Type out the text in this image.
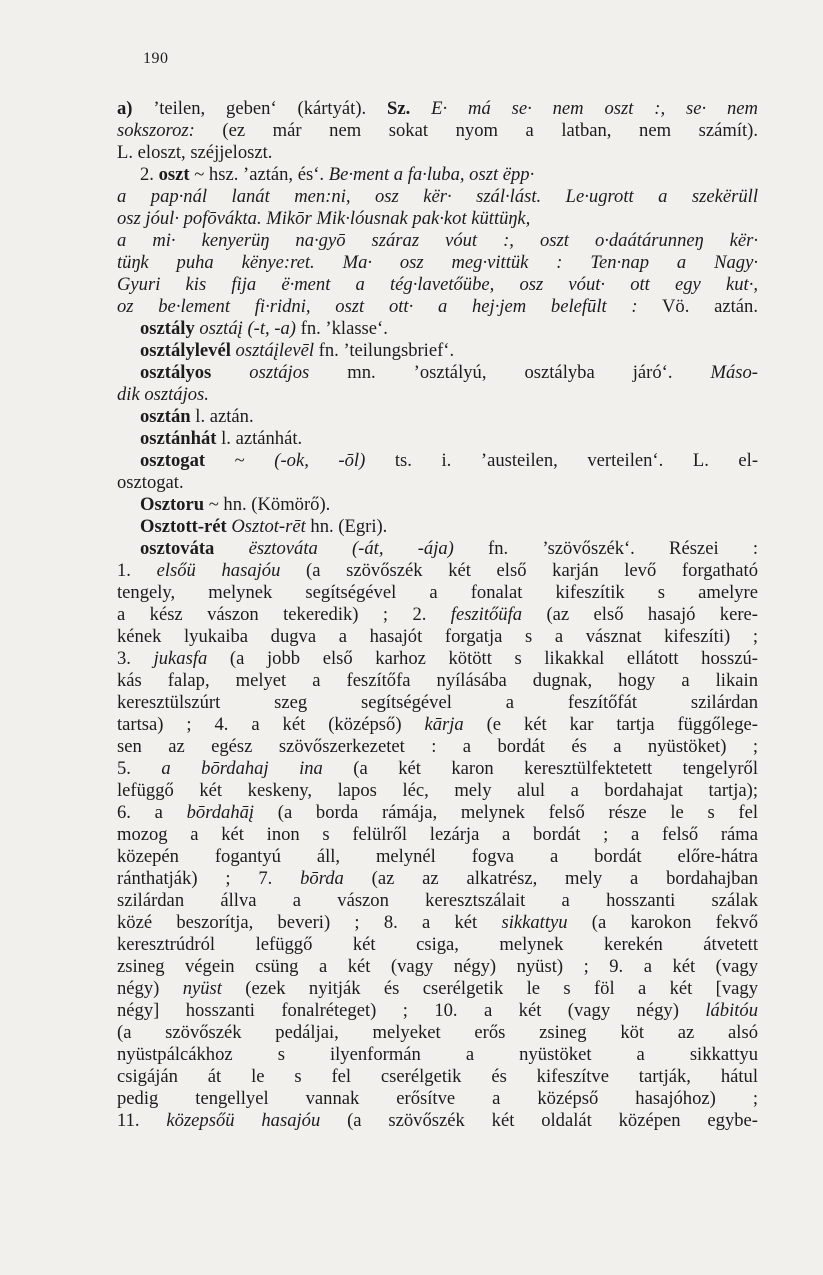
190
a) ’teilen, geben‘ (kártyát). Sz. E· má se· nem oszt :, se· nem
sokszoroz: (ez már nem sokat nyom a latban, nem számít).
L. eloszt, széjjeloszt.
2. oszt ~ hsz. ’aztán, és‘. Be·ment a fa·luba, oszt ëpp·
a pap·nál lanát men:ni, osz kër· szál·lást. Le·ugrott a szekërüll
osz jóul· pofōvákta. Mikōr Mik·lóusnak pak·kot küttüŋk,
a mi· kenyerüŋ na·gyō száraz vóut :, oszt o·daátárunneŋ kër·
tüŋk puha kënye:ret. Ma· osz meg·vittük : Ten·nap a Nagy·
Gyuri kis fija ë·ment a tég·lavetőübe, osz vóut· ott egy kut·,
oz be·lement fi·ridni, oszt ott· a hej·jem belefūlt : Vö. aztán.
osztály osztáį (-t, -a) fn. ’klasse‘.
osztálylevél osztáįlevēl fn. ’teilungsbrief‘.
osztályos osztájos mn. ’osztályú, osztályba járó‘. Máso-
dik osztájos.
osztán l. aztán.
osztánhát l. aztánhát.
osztogat ~ (-ok, -ōl) ts. i. ’austeilen, verteilen‘. L. el-
osztogat.
Osztoru ~ hn. (Kömörő).
Osztott-rét Osztot-rēt hn. (Egri).
osztováta ësztováta (-át, -ája) fn. ’szövőszék‘. Részei :
1. elsőü hasajóu (a szövőszék két első karján levő forgatható
tengely, melynek segítségével a fonalat kifeszítik s amelyre
a kész vászon tekeredik) ; 2. feszitőüfa (az első hasajó kere-
kének lyukaiba dugva a hasajót forgatja s a vásznat kifeszíti) ;
3. jukasfa (a jobb első karhoz kötött s likakkal ellátott hosszú-
kás falap, melyet a feszítőfa nyílásába dugnak, hogy a likain
keresztülszúrt szeg segítségével a feszítőfát szilárdan
tartsa) ; 4. a két (középső) kārja (e két kar tartja függőlege-
sen az egész szövőszerkezetet : a bordát és a nyüstöket) ;
5. a bōrdahaj ina (a két karon keresztülfektetett tengelyről
lefüggő két keskeny, lapos léc, mely alul a bordahajat tartja);
6. a bōrdahāį (a borda rámája, melynek felső része le s fel
mozog a két inon s felülről lezárja a bordát ; a felső ráma
közepén fogantyú áll, melynél fogva a bordát előre-hátra
ránthatják) ; 7. bōrda (az az alkatrész, mely a bordahajban
szilárdan állva a vászon keresztszálait a hosszanti szálak
közé beszorítja, beveri) ; 8. a két sikkattyu (a karokon fekvő
keresztrúdról lefüggő két csiga, melynek kerekén átvetett
zsineg végein csüng a két (vagy négy) nyüst) ; 9. a két (vagy
négy) nyüst (ezek nyitják és cserélgetik le s föl a két [vagy
négy] hosszanti fonalréteget) ; 10. a két (vagy négy) lábitóu
(a szövőszék pedáljai, melyeket erős zsineg köt az alsó
nyüstpálcákhoz s ilyenformán a nyüstöket a sikkattyu
csigáján át le s fel cserélgetik és kifeszítve tartják, hátul
pedig tengellyel vannak erősítve a középső hasajóhoz) ;
11. közepsőü hasajóu (a szövőszék két oldalát középen egybe-
